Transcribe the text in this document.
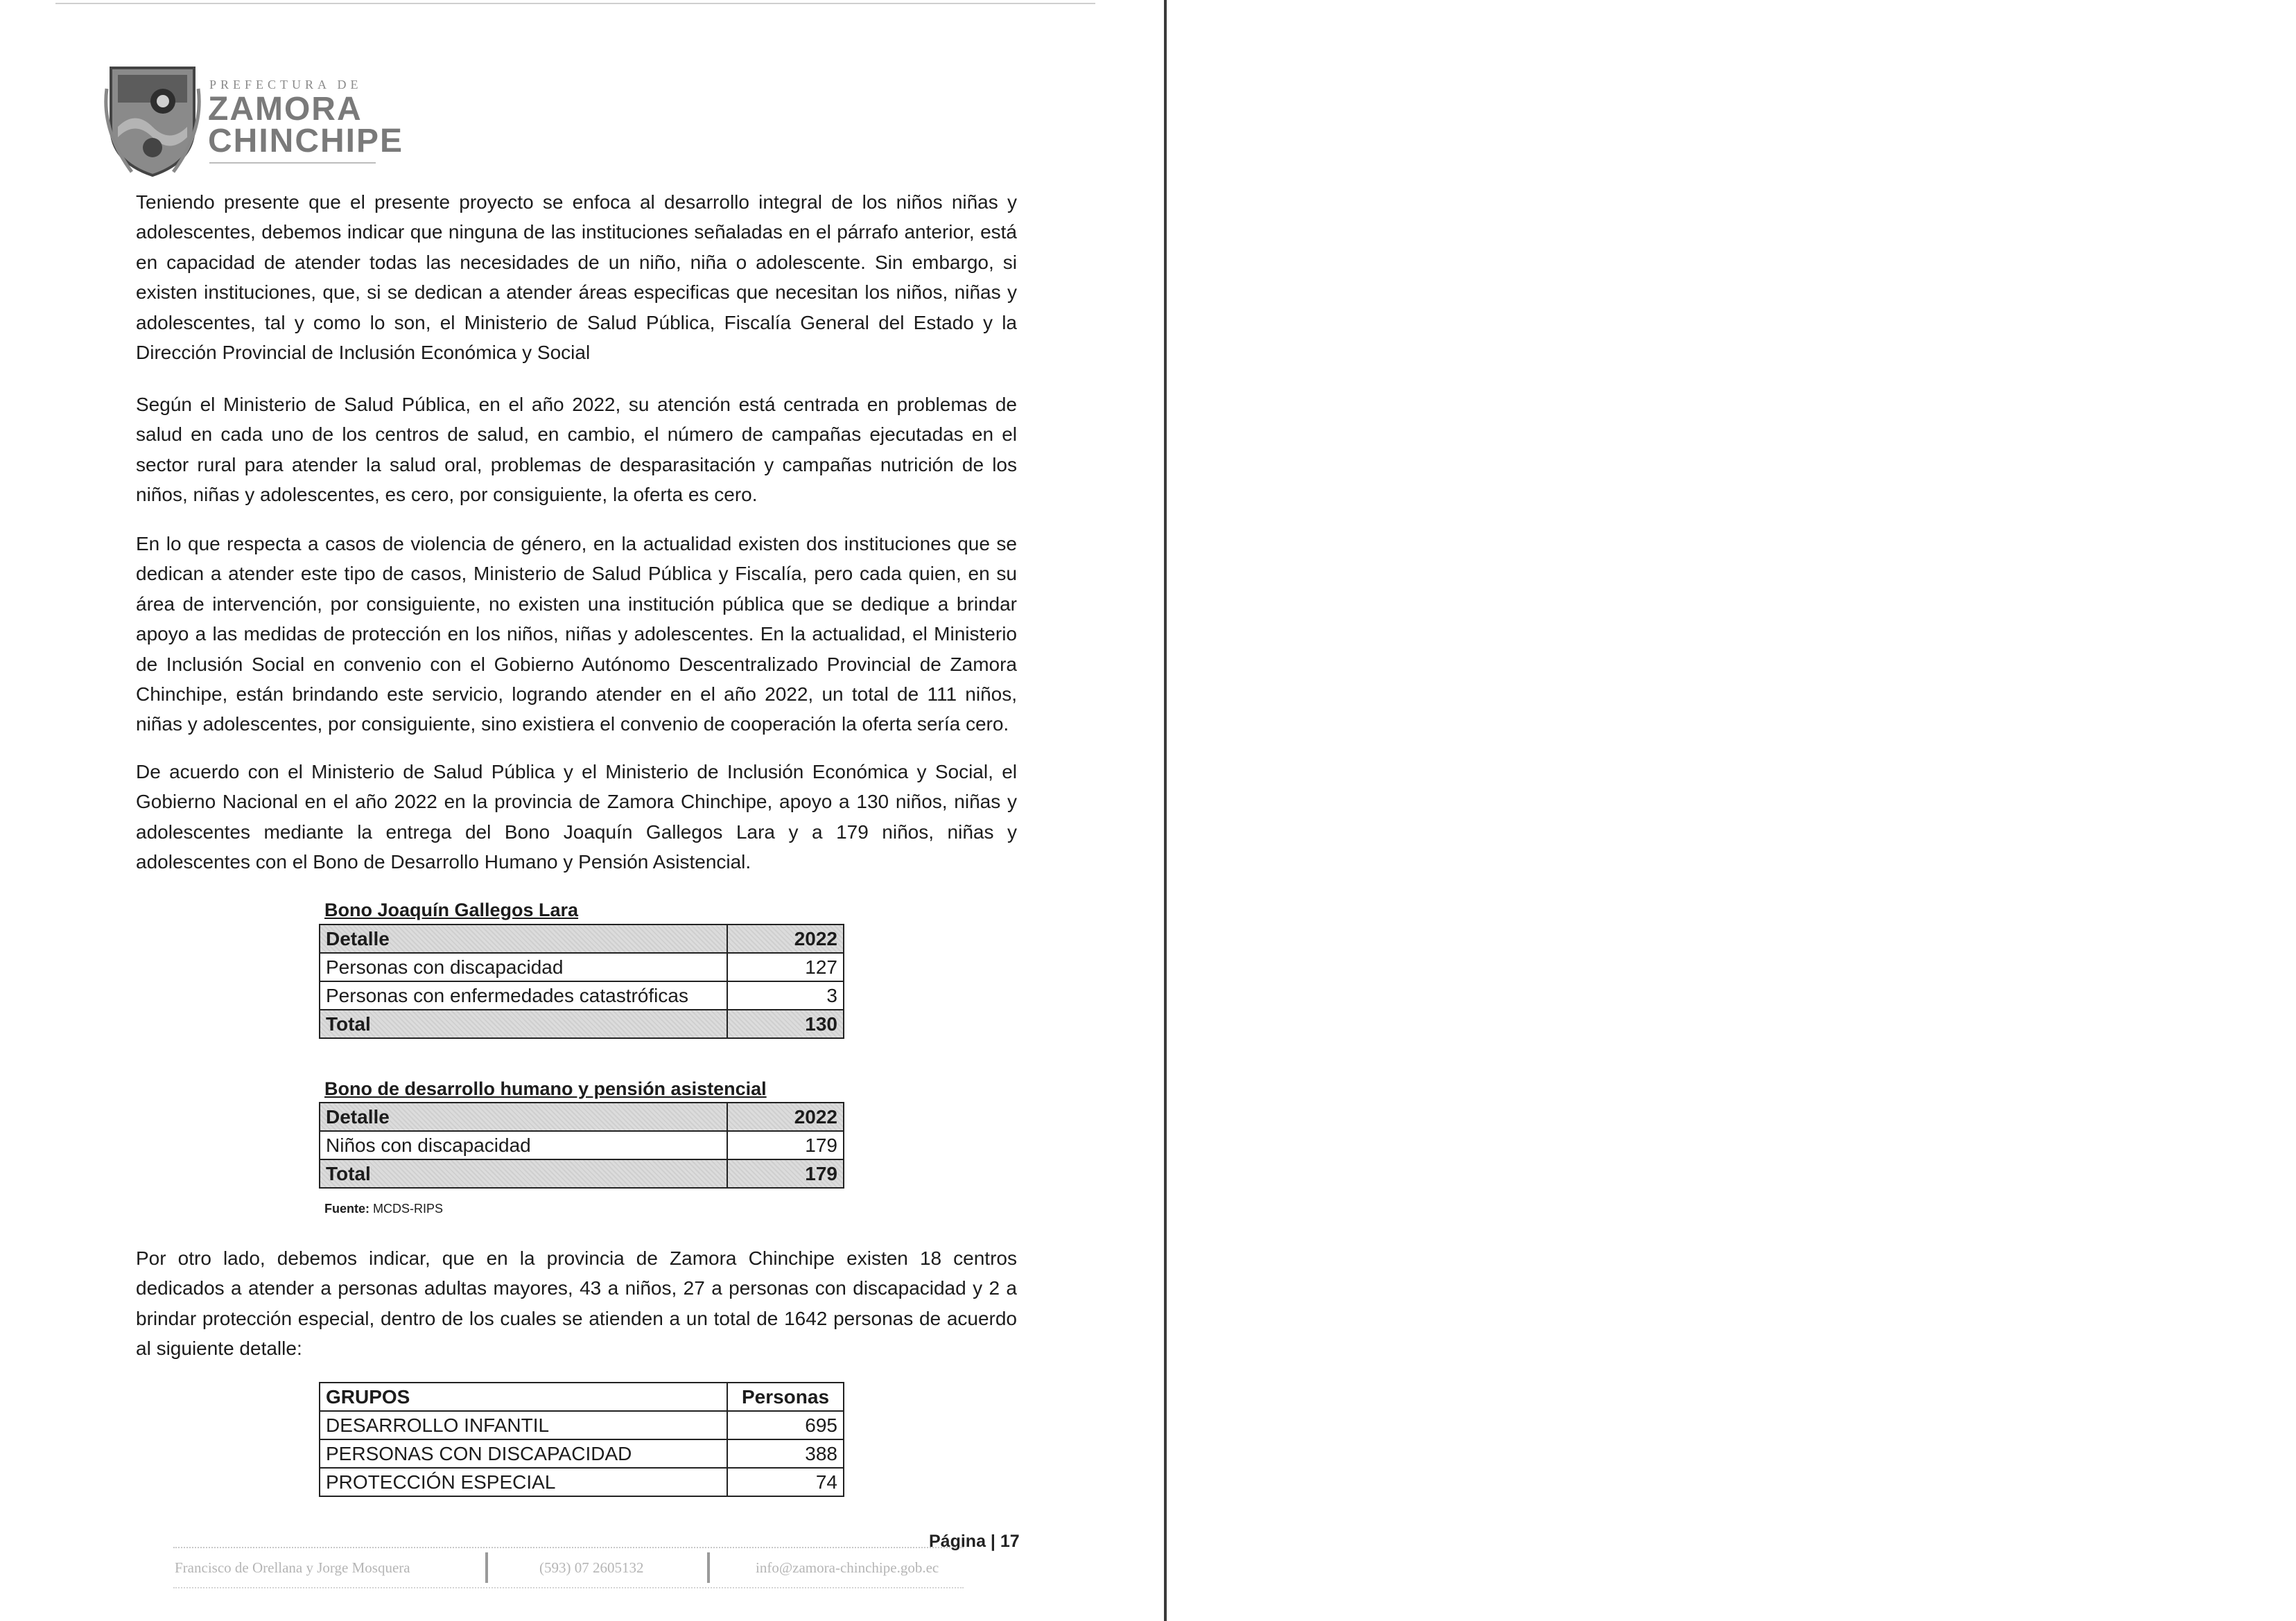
PREFECTURA DE
ZAMORA
CHINCHIPE

Teniendo presente que el presente proyecto se enfoca al desarrollo integral de los niños niñas y adolescentes, debemos indicar que ninguna de las instituciones señaladas en el párrafo anterior, está en capacidad de atender todas las necesidades de un niño, niña o adolescente. Sin embargo, si existen instituciones, que, si se dedican a atender áreas especificas que necesitan los niños, niñas y adolescentes, tal y como lo son, el Ministerio de Salud Pública, Fiscalía General del Estado y la Dirección Provincial de Inclusión Económica y Social

Según el Ministerio de Salud Pública, en el año 2022, su atención está centrada en problemas de salud en cada uno de los centros de salud, en cambio, el número de campañas ejecutadas en el sector rural para atender la salud oral, problemas de desparasitación y campañas nutrición de los niños, niñas y adolescentes, es cero, por consiguiente, la oferta es cero.

En lo que respecta a casos de violencia de género, en la actualidad existen dos instituciones que se dedican a atender este tipo de casos, Ministerio de Salud Pública y Fiscalía, pero cada quien, en su área de intervención, por consiguiente, no existen una institución pública que se dedique a brindar apoyo a las medidas de protección en los niños, niñas y adolescentes. En la actualidad, el Ministerio de Inclusión Social en convenio con el Gobierno Autónomo Descentralizado Provincial de Zamora Chinchipe, están brindando este servicio, logrando atender en el año 2022, un total de 111 niños, niñas y adolescentes, por consiguiente, sino existiera el convenio de cooperación la oferta sería cero.

De acuerdo con el Ministerio de Salud Pública y el Ministerio de Inclusión Económica y Social, el Gobierno Nacional en el año 2022 en la provincia de Zamora Chinchipe, apoyo a 130 niños, niñas y adolescentes mediante la entrega del Bono Joaquín Gallegos Lara y a 179 niños, niñas y adolescentes con el Bono de Desarrollo Humano y Pensión Asistencial.

Bono Joaquín Gallegos Lara
Detalle	2022
Personas con discapacidad	127
Personas con enfermedades catastróficas	3
Total	130
Bono de desarrollo humano y pensión asistencial
Detalle	2022
Niños con discapacidad	179
Total	179
Fuente: MCDS-RIPS

Por otro lado, debemos indicar, que en la provincia de Zamora Chinchipe existen 18 centros dedicados a atender a personas adultas mayores, 43 a niños, 27 a personas con discapacidad y 2 a brindar protección especial, dentro de los cuales se atienden a un total de 1642 personas de acuerdo al siguiente detalle:

GRUPOS	Personas
DESARROLLO INFANTIL	695
PERSONAS CON DISCAPACIDAD	388
PROTECCIÓN ESPECIAL	74
Página | 17
Francisco de Orellana y Jorge Mosquera	(593) 07 2605132	info@zamora-chinchipe.gob.ec
